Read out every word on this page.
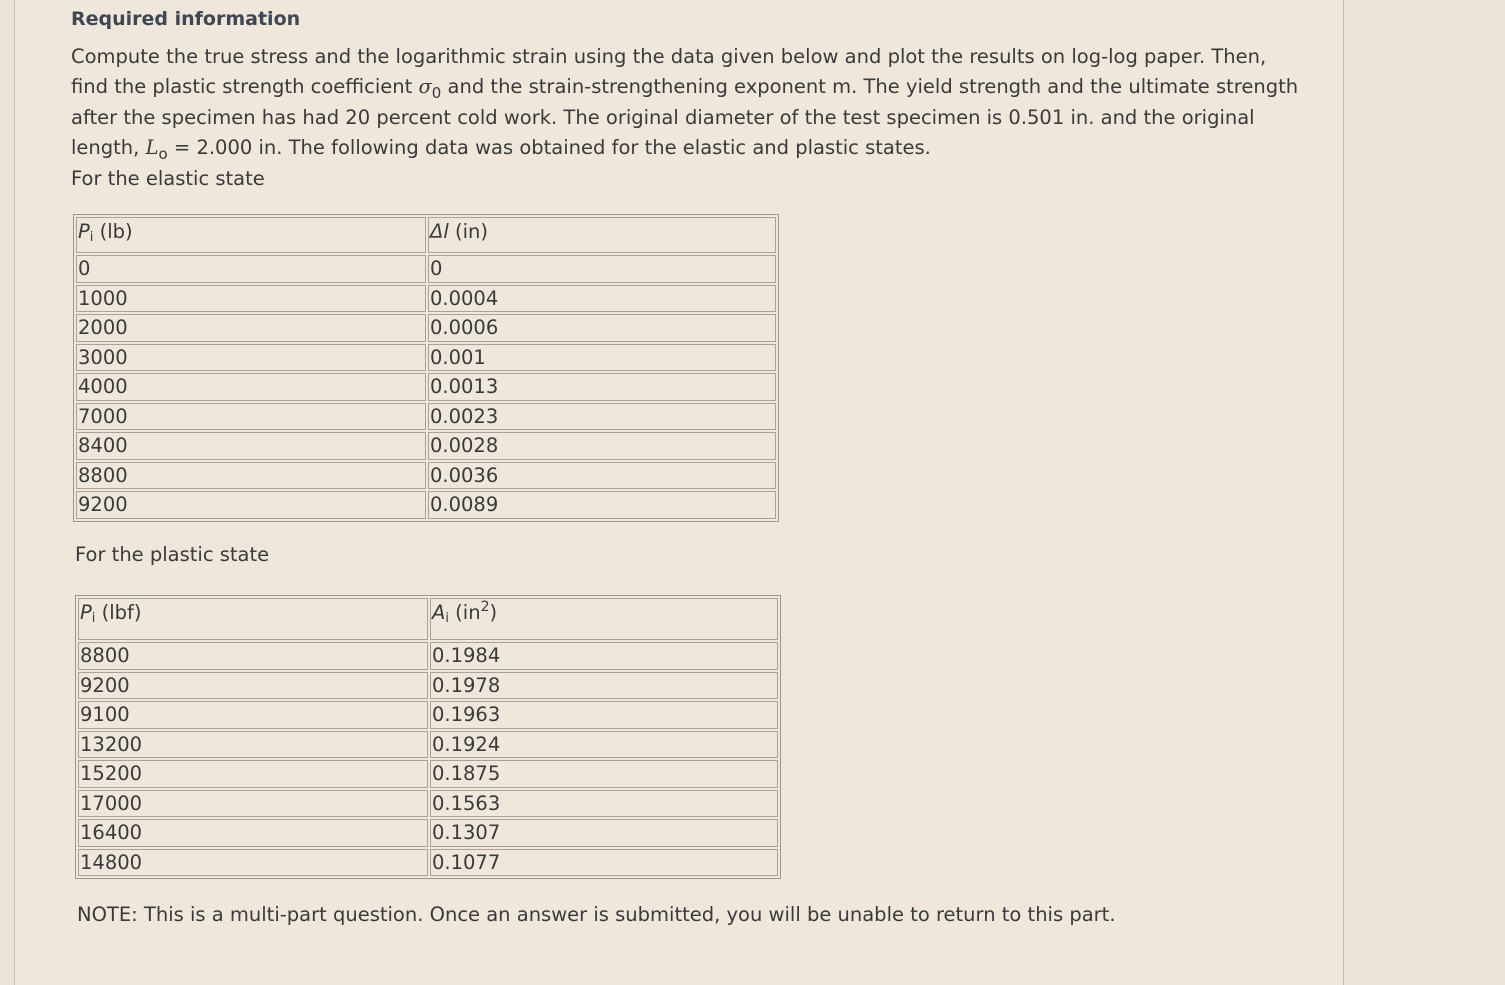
Required information

Compute the true stress and the logarithmic strain using the data given below and plot the results on log-log paper. Then, find the plastic strength coefficient $\sigma_0$ and the strain-strengthening exponent m. The yield strength and the ultimate strength after the specimen has had 20 percent cold work. The original diameter of the test specimen is 0.501 in. and the original length, $L_o = 2.000$ in. The following data was obtained for the elastic and plastic states.
For the elastic state

Pi (lb)	Δl (in)
0	0
1000	0.0004
2000	0.0006
3000	0.001
4000	0.0013
7000	0.0023
8400	0.0028
8800	0.0036
9200	0.0089
For the plastic state
Pi (lbf)	Ai $(in^2)$
8800	0.1984
9200	0.1978
9100	0.1963
13200	0.1924
15200	0.1875
17000	0.1563
16400	0.1307
14800	0.1077
NOTE: This is a multi-part question. Once an answer is submitted, you will be unable to return to this part.
